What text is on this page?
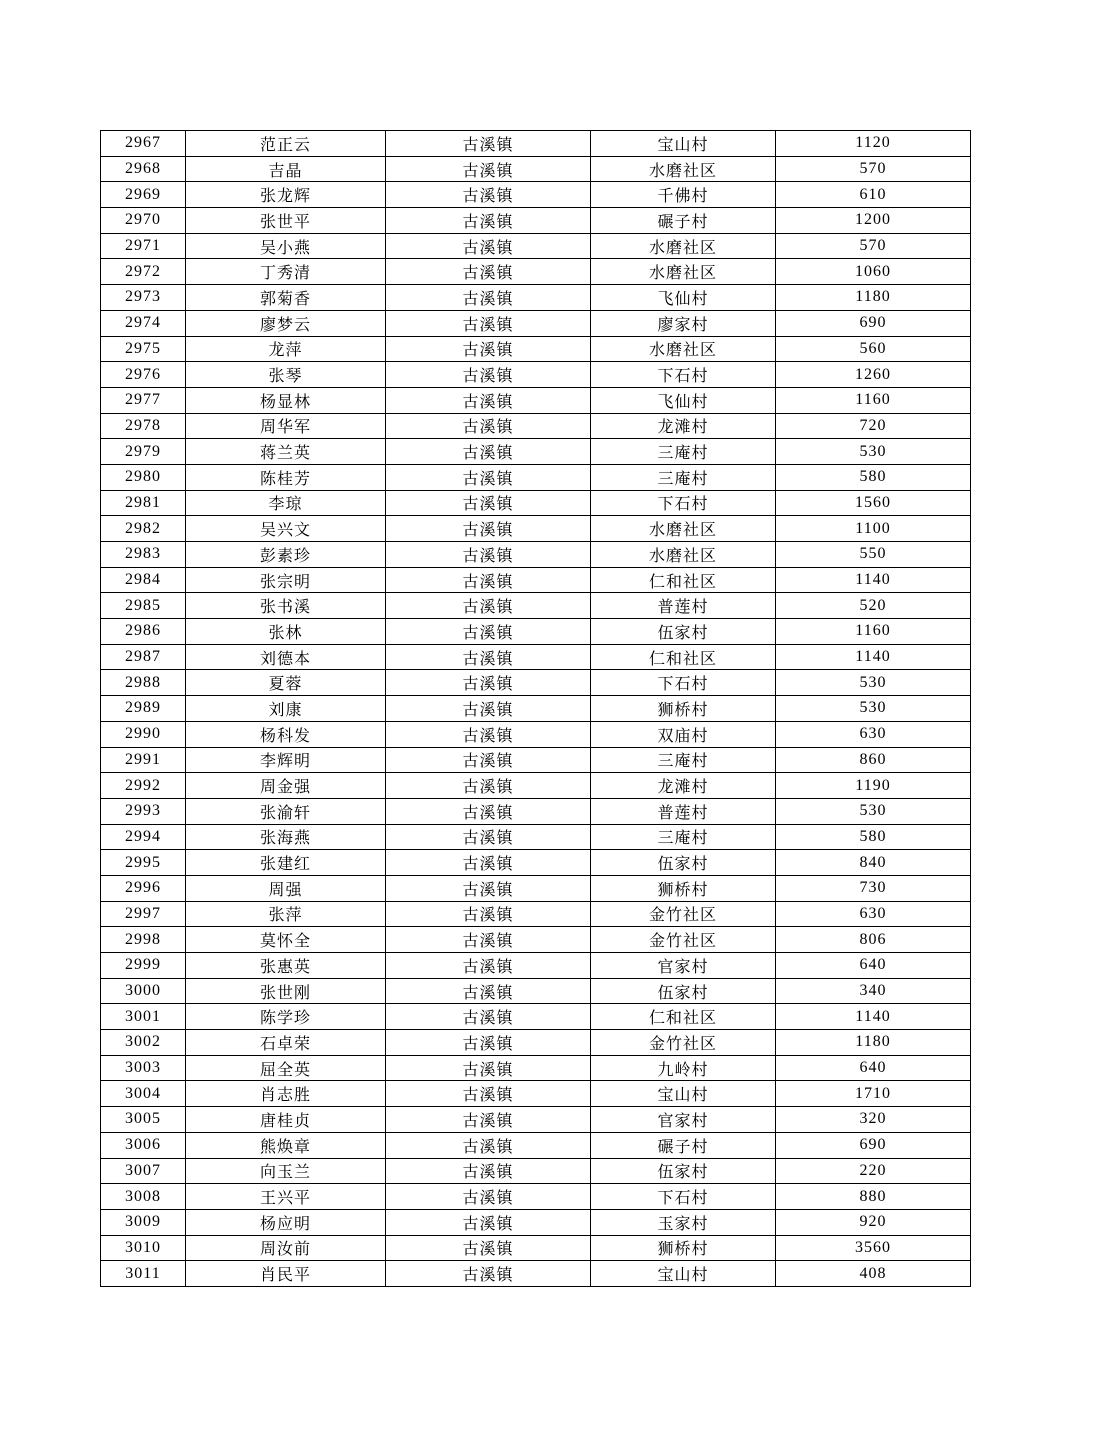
2967	范正云	古溪镇	宝山村	1120
2968	吉晶	古溪镇	水磨社区	570
2969	张龙辉	古溪镇	千佛村	610
2970	张世平	古溪镇	碾子村	1200
2971	吴小燕	古溪镇	水磨社区	570
2972	丁秀清	古溪镇	水磨社区	1060
2973	郭菊香	古溪镇	飞仙村	1180
2974	廖梦云	古溪镇	廖家村	690
2975	龙萍	古溪镇	水磨社区	560
2976	张琴	古溪镇	下石村	1260
2977	杨显林	古溪镇	飞仙村	1160
2978	周华军	古溪镇	龙滩村	720
2979	蒋兰英	古溪镇	三庵村	530
2980	陈桂芳	古溪镇	三庵村	580
2981	李琼	古溪镇	下石村	1560
2982	吴兴文	古溪镇	水磨社区	1100
2983	彭素珍	古溪镇	水磨社区	550
2984	张宗明	古溪镇	仁和社区	1140
2985	张书溪	古溪镇	普莲村	520
2986	张林	古溪镇	伍家村	1160
2987	刘德本	古溪镇	仁和社区	1140
2988	夏蓉	古溪镇	下石村	530
2989	刘康	古溪镇	狮桥村	530
2990	杨科发	古溪镇	双庙村	630
2991	李辉明	古溪镇	三庵村	860
2992	周金强	古溪镇	龙滩村	1190
2993	张渝轩	古溪镇	普莲村	530
2994	张海燕	古溪镇	三庵村	580
2995	张建红	古溪镇	伍家村	840
2996	周强	古溪镇	狮桥村	730
2997	张萍	古溪镇	金竹社区	630
2998	莫怀全	古溪镇	金竹社区	806
2999	张惠英	古溪镇	官家村	640
3000	张世刚	古溪镇	伍家村	340
3001	陈学珍	古溪镇	仁和社区	1140
3002	石卓荣	古溪镇	金竹社区	1180
3003	屈全英	古溪镇	九岭村	640
3004	肖志胜	古溪镇	宝山村	1710
3005	唐桂贞	古溪镇	官家村	320
3006	熊焕章	古溪镇	碾子村	690
3007	向玉兰	古溪镇	伍家村	220
3008	王兴平	古溪镇	下石村	880
3009	杨应明	古溪镇	玉家村	920
3010	周汝前	古溪镇	狮桥村	3560
3011	肖民平	古溪镇	宝山村	408
